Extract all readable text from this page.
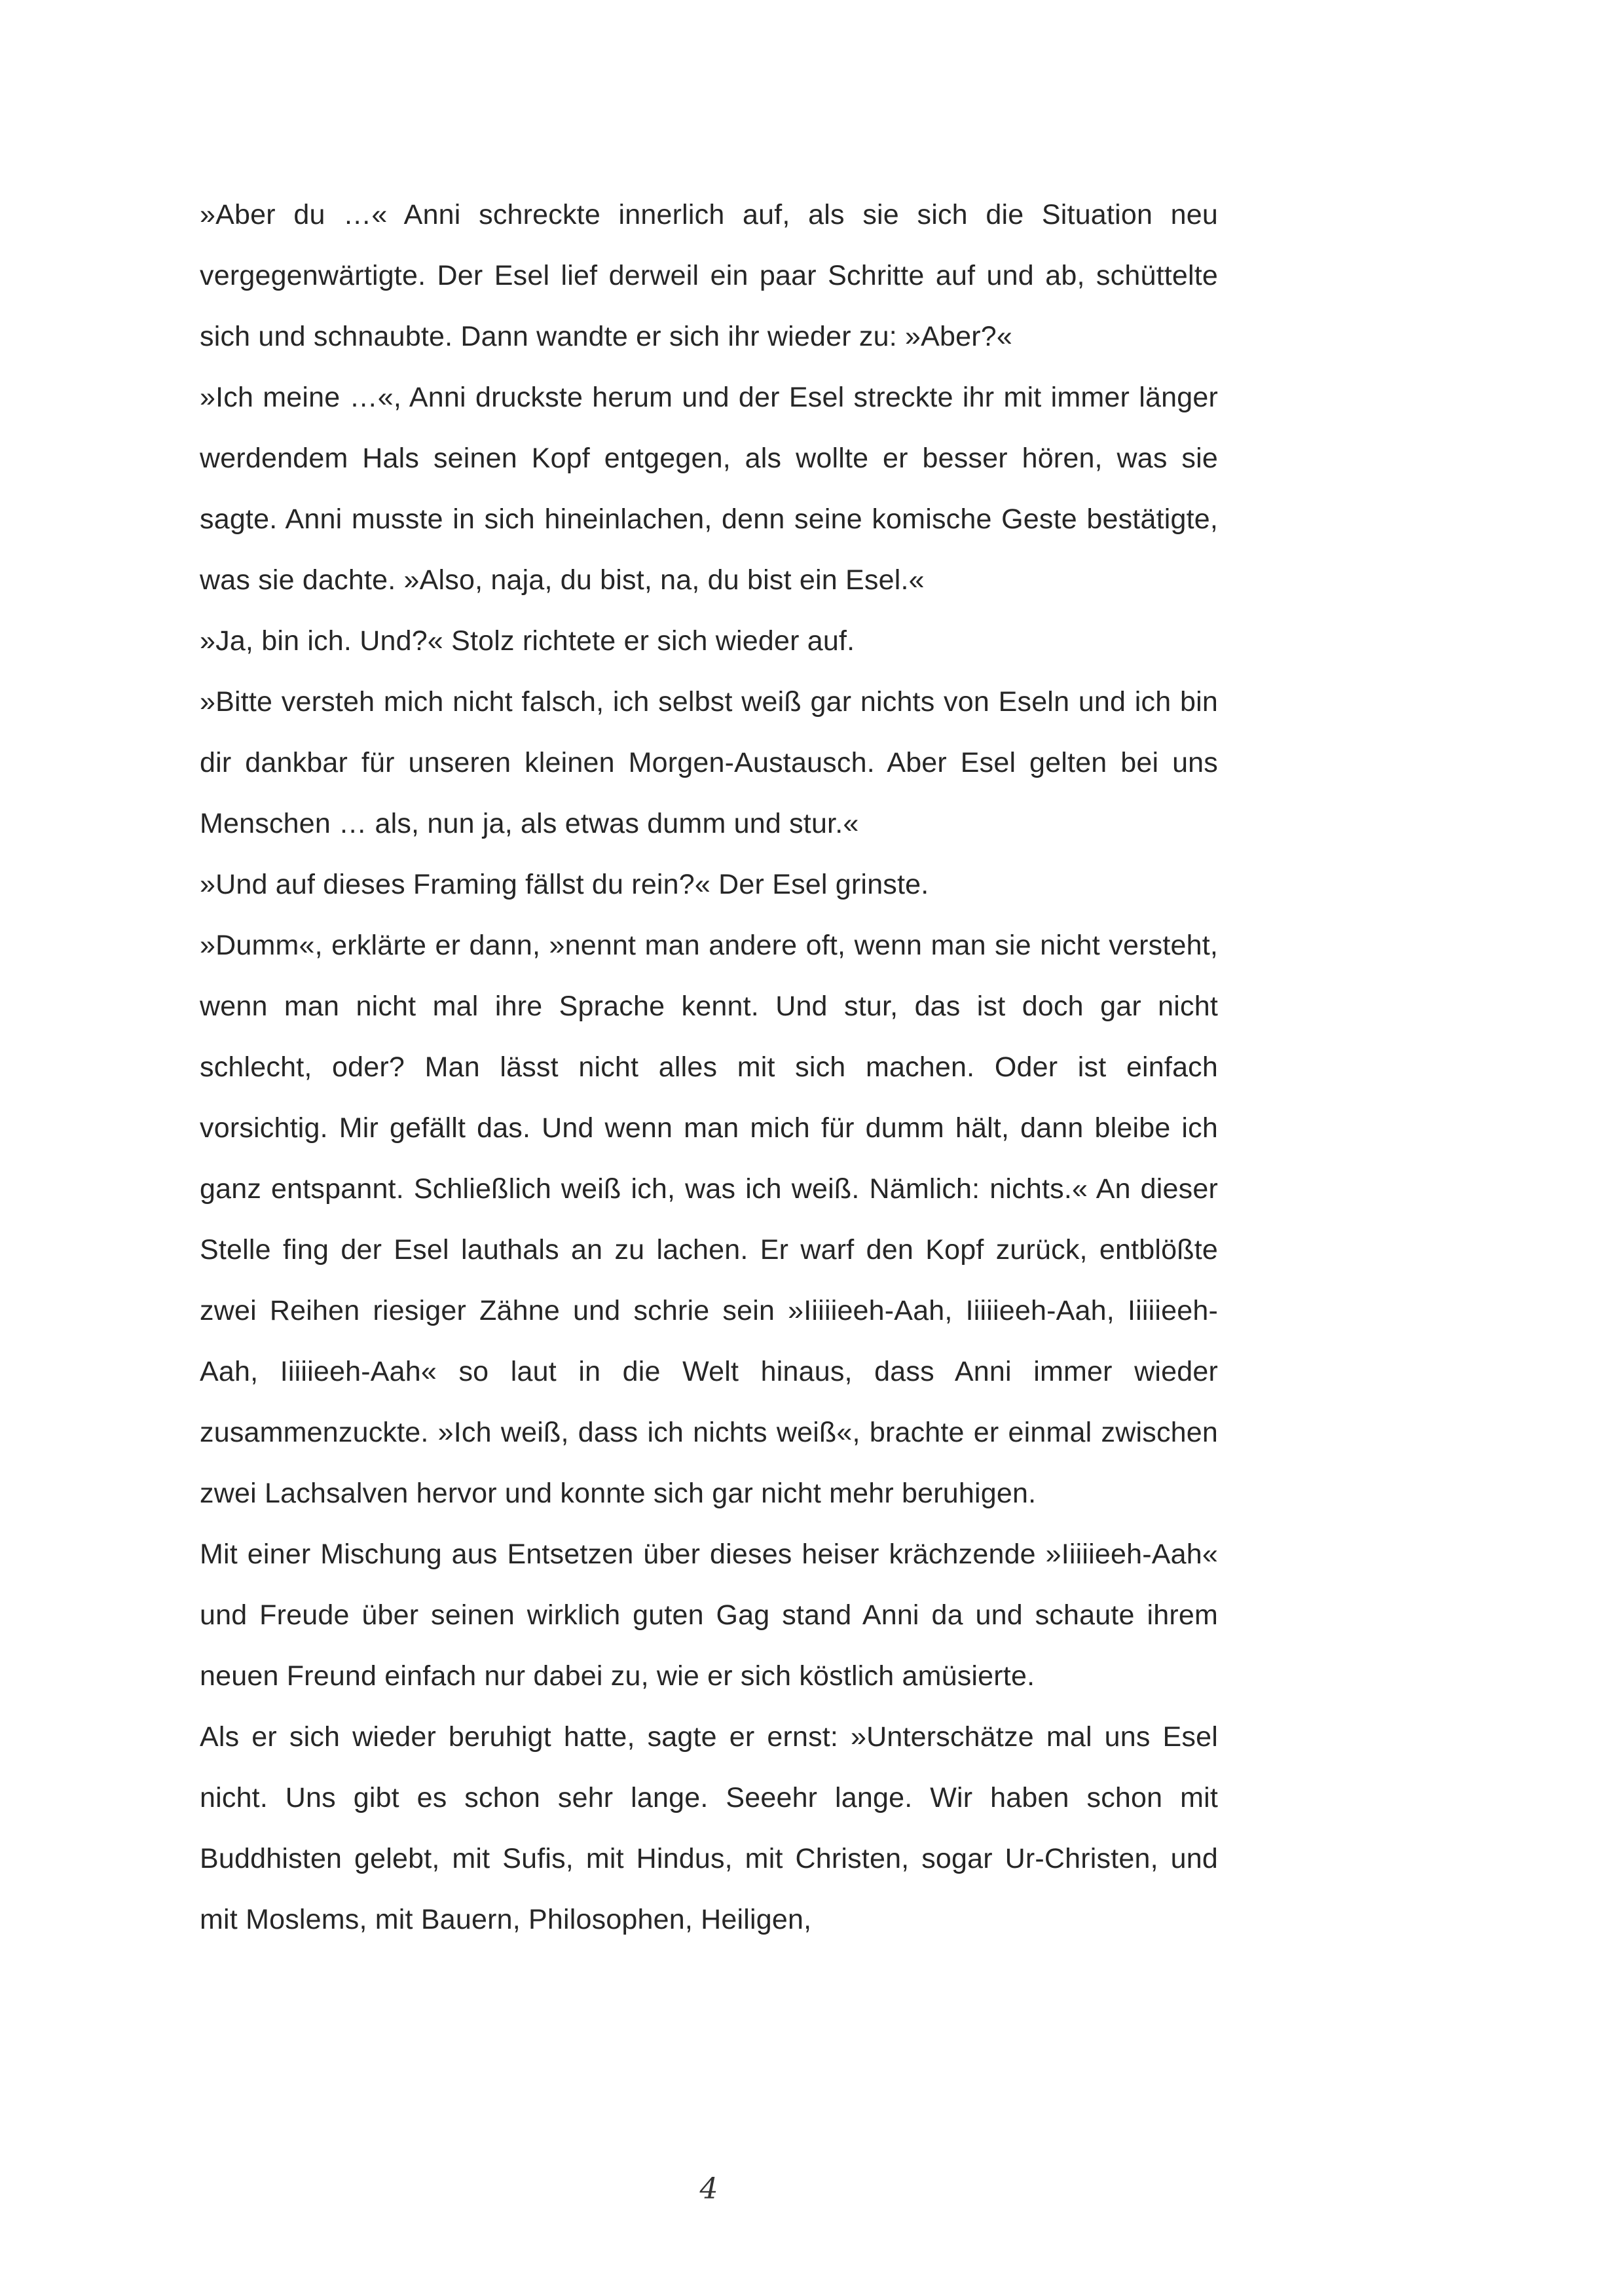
»Aber du …« Anni schreckte innerlich auf, als sie sich die Situation neu vergegenwärtigte. Der Esel lief derweil ein paar Schritte auf und ab, schüttelte sich und schnaubte. Dann wandte er sich ihr wieder zu: »Aber?«

»Ich meine …«, Anni druckste herum und der Esel streckte ihr mit immer länger werdendem Hals seinen Kopf entgegen, als wollte er besser hören, was sie sagte. Anni musste in sich hineinlachen, denn seine komische Geste bestätigte, was sie dachte. »Also, naja, du bist, na, du bist ein Esel.«

»Ja, bin ich. Und?« Stolz richtete er sich wieder auf.

»Bitte versteh mich nicht falsch, ich selbst weiß gar nichts von Eseln und ich bin dir dankbar für unseren kleinen Morgen-Austausch. Aber Esel gelten bei uns Menschen … als, nun ja, als etwas dumm und stur.«

»Und auf dieses Framing fällst du rein?« Der Esel grinste.

»Dumm«, erklärte er dann, »nennt man andere oft, wenn man sie nicht versteht, wenn man nicht mal ihre Sprache kennt. Und stur, das ist doch gar nicht schlecht, oder? Man lässt nicht alles mit sich machen. Oder ist einfach vorsichtig. Mir gefällt das. Und wenn man mich für dumm hält, dann bleibe ich ganz entspannt. Schließlich weiß ich, was ich weiß. Nämlich: nichts.« An dieser Stelle fing der Esel lauthals an zu lachen. Er warf den Kopf zurück, entblößte zwei Reihen riesiger Zähne und schrie sein »Iiiiieeh-Aah, Iiiiieeh-Aah, Iiiiieeh-Aah, Iiiiieeh-Aah« so laut in die Welt hinaus, dass Anni immer wieder zusammenzuckte. »Ich weiß, dass ich nichts weiß«, brachte er einmal zwischen zwei Lachsalven hervor und konnte sich gar nicht mehr beruhigen.

Mit einer Mischung aus Entsetzen über dieses heiser krächzende »Iiiiieeh-Aah« und Freude über seinen wirklich guten Gag stand Anni da und schaute ihrem neuen Freund einfach nur dabei zu, wie er sich köstlich amüsierte.

Als er sich wieder beruhigt hatte, sagte er ernst: »Unterschätze mal uns Esel nicht. Uns gibt es schon sehr lange. Seeehr lange. Wir haben schon mit Buddhisten gelebt, mit Sufis, mit Hindus, mit Christen, sogar Ur-Christen, und mit Moslems, mit Bauern, Philosophen, Heiligen,

4
